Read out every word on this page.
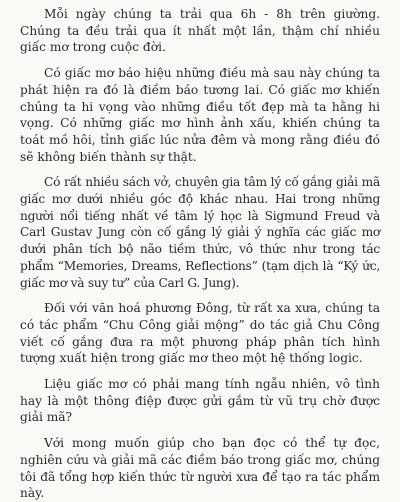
Mỗi ngày chúng ta trải qua 6h - 8h trên giường. Chúng ta đều trải qua ít nhất một lần, thậm chí nhiều giấc mơ trong cuộc đời.

Có giấc mơ báo hiệu những điều mà sau này chúng ta phát hiện ra đó là điềm báo tương lai. Có giấc mơ khiến chúng ta hi vọng vào những điều tốt đẹp mà ta hằng hi vọng. Có những giấc mơ hình ảnh xấu, khiến chúng ta toát mồ hôi, tỉnh giấc lúc nửa đêm và mong rằng điều đó sẽ không biến thành sự thật.

Có rất nhiều sách vở, chuyên gia tâm lý cố gắng giải mã giấc mơ dưới nhiều góc độ khác nhau. Hai trong những người nổi tiếng nhất về tâm lý học là Sigmund Freud và Carl Gustav Jung còn cố gắng lý giải ý nghĩa các giấc mơ dưới phân tích bộ não tiềm thức, vô thức như trong tác phẩm “Memories, Dreams, Reflections” (tạm dịch là “Ký ức, giấc mơ và suy tư” của Carl G. Jung).

Đối với văn hoá phương Đông, từ rất xa xưa, chúng ta có tác phẩm “Chu Công giải mộng” do tác giả Chu Công viết cố gắng đưa ra một phương pháp phân tích hình tượng xuất hiện trong giấc mơ theo một hệ thống logic.

Liệu giấc mơ có phải mang tính ngẫu nhiên, vô tình hay là một thông điệp được gửi gắm từ vũ trụ chờ được giải mã?

Với mong muốn giúp cho bạn đọc có thể tự đọc, nghiên cứu và giải mã các điềm báo trong giấc mơ, chúng tôi đã tổng hợp kiến thức từ người xưa để tạo ra tác phẩm này.
